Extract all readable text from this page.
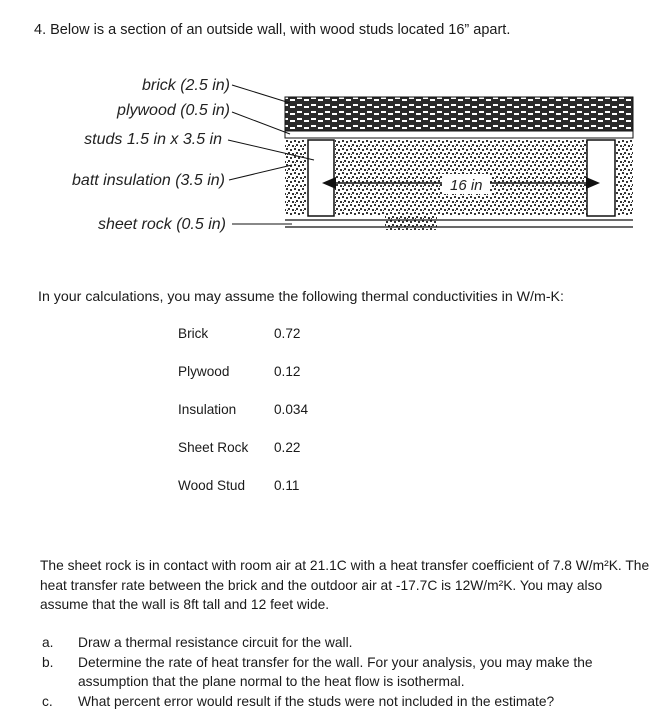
4. Below is a section of an outside wall, with wood studs located 16” apart.
16 in
brick (2.5 in)
plywood (0.5 in)
studs 1.5 in x 3.5 in
batt insulation (3.5 in)
sheet rock (0.5 in)
In your calculations, you may assume the following thermal conductivities in W/m-K:
Brick	0.72
Plywood	0.12
Insulation	0.034
Sheet Rock 0.22
Wood Stud 0.11
The sheet rock is in contact with room air at 21.1C with a heat transfer coefficient of 7.8 W/m²K. The heat transfer rate between the brick and the outdoor air at -17.7C is 12W/m²K. You may also assume that the wall is 8ft tall and 12 feet wide.
a. Draw a thermal resistance circuit for the wall.
b. Determine the rate of heat transfer for the wall. For your analysis, you may make the assumption that the plane normal to the heat flow is isothermal.
c. What percent error would result if the studs were not included in the estimate?
